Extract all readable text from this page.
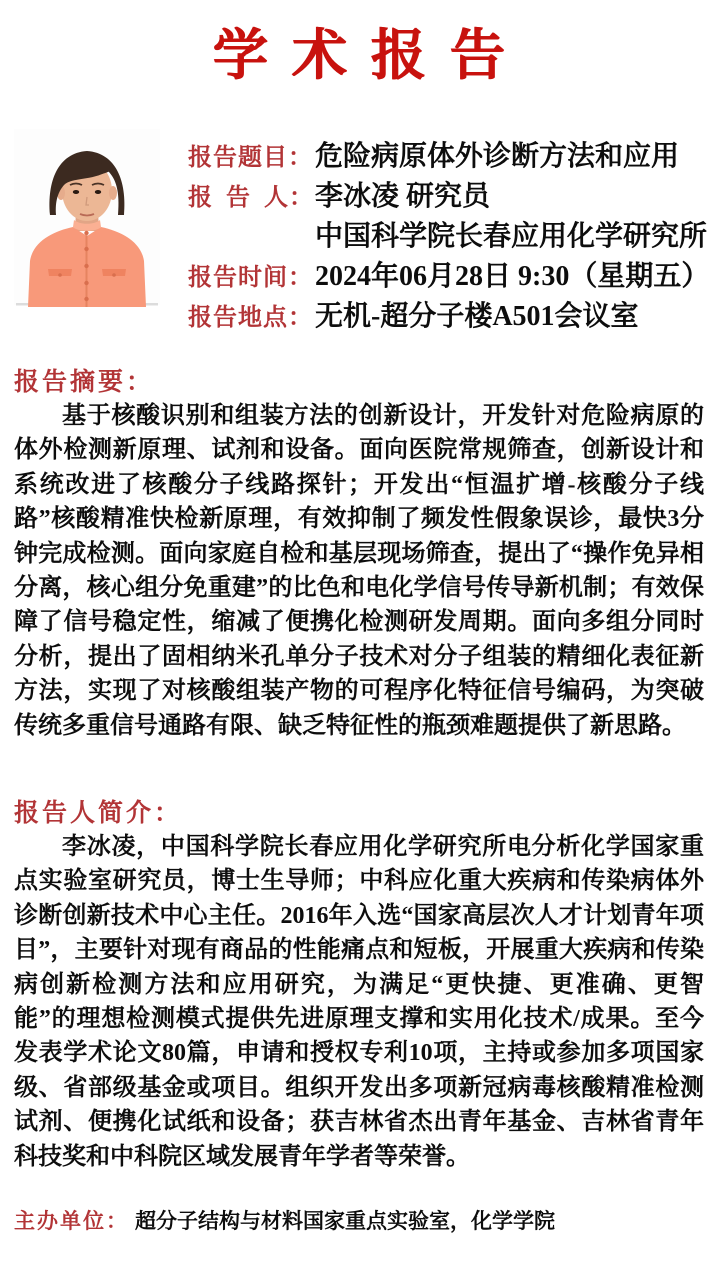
学术报告
报告题目： 危险病原体外诊断方法和应用
报 告 人： 李冰凌 研究员
中国科学院长春应用化学研究所
报告时间： 2024年06月28日 9:30（星期五）
报告地点： 无机-超分子楼A501会议室
报告摘要：
基于核酸识别和组装方法的创新设计，开发针对危险病原的体外检测新原理、试剂和设备。面向医院常规筛查，创新设计和系统改进了核酸分子线路探针；开发出“恒温扩增-核酸分子线路”核酸精准快检新原理，有效抑制了频发性假象误诊，最快3分钟完成检测。面向家庭自检和基层现场筛查，提出了“操作免异相分离，核心组分免重建”的比色和电化学信号传导新机制；有效保障了信号稳定性，缩减了便携化检测研发周期。面向多组分同时分析，提出了固相纳米孔单分子技术对分子组装的精细化表征新方法，实现了对核酸组装产物的可程序化特征信号编码，为突破传统多重信号通路有限、缺乏特征性的瓶颈难题提供了新思路。
报告人简介：
李冰凌，中国科学院长春应用化学研究所电分析化学国家重点实验室研究员，博士生导师；中科应化重大疾病和传染病体外诊断创新技术中心主任。2016年入选“国家高层次人才计划青年项目”，主要针对现有商品的性能痛点和短板，开展重大疾病和传染病创新检测方法和应用研究，为满足“更快捷、更准确、更智能”的理想检测模式提供先进原理支撑和实用化技术/成果。至今发表学术论文80篇，申请和授权专利10项，主持或参加多项国家级、省部级基金或项目。组织开发出多项新冠病毒核酸精准检测试剂、便携化试纸和设备；获吉林省杰出青年基金、吉林省青年科技奖和中科院区域发展青年学者等荣誉。
主办单位： 超分子结构与材料国家重点实验室，化学学院
